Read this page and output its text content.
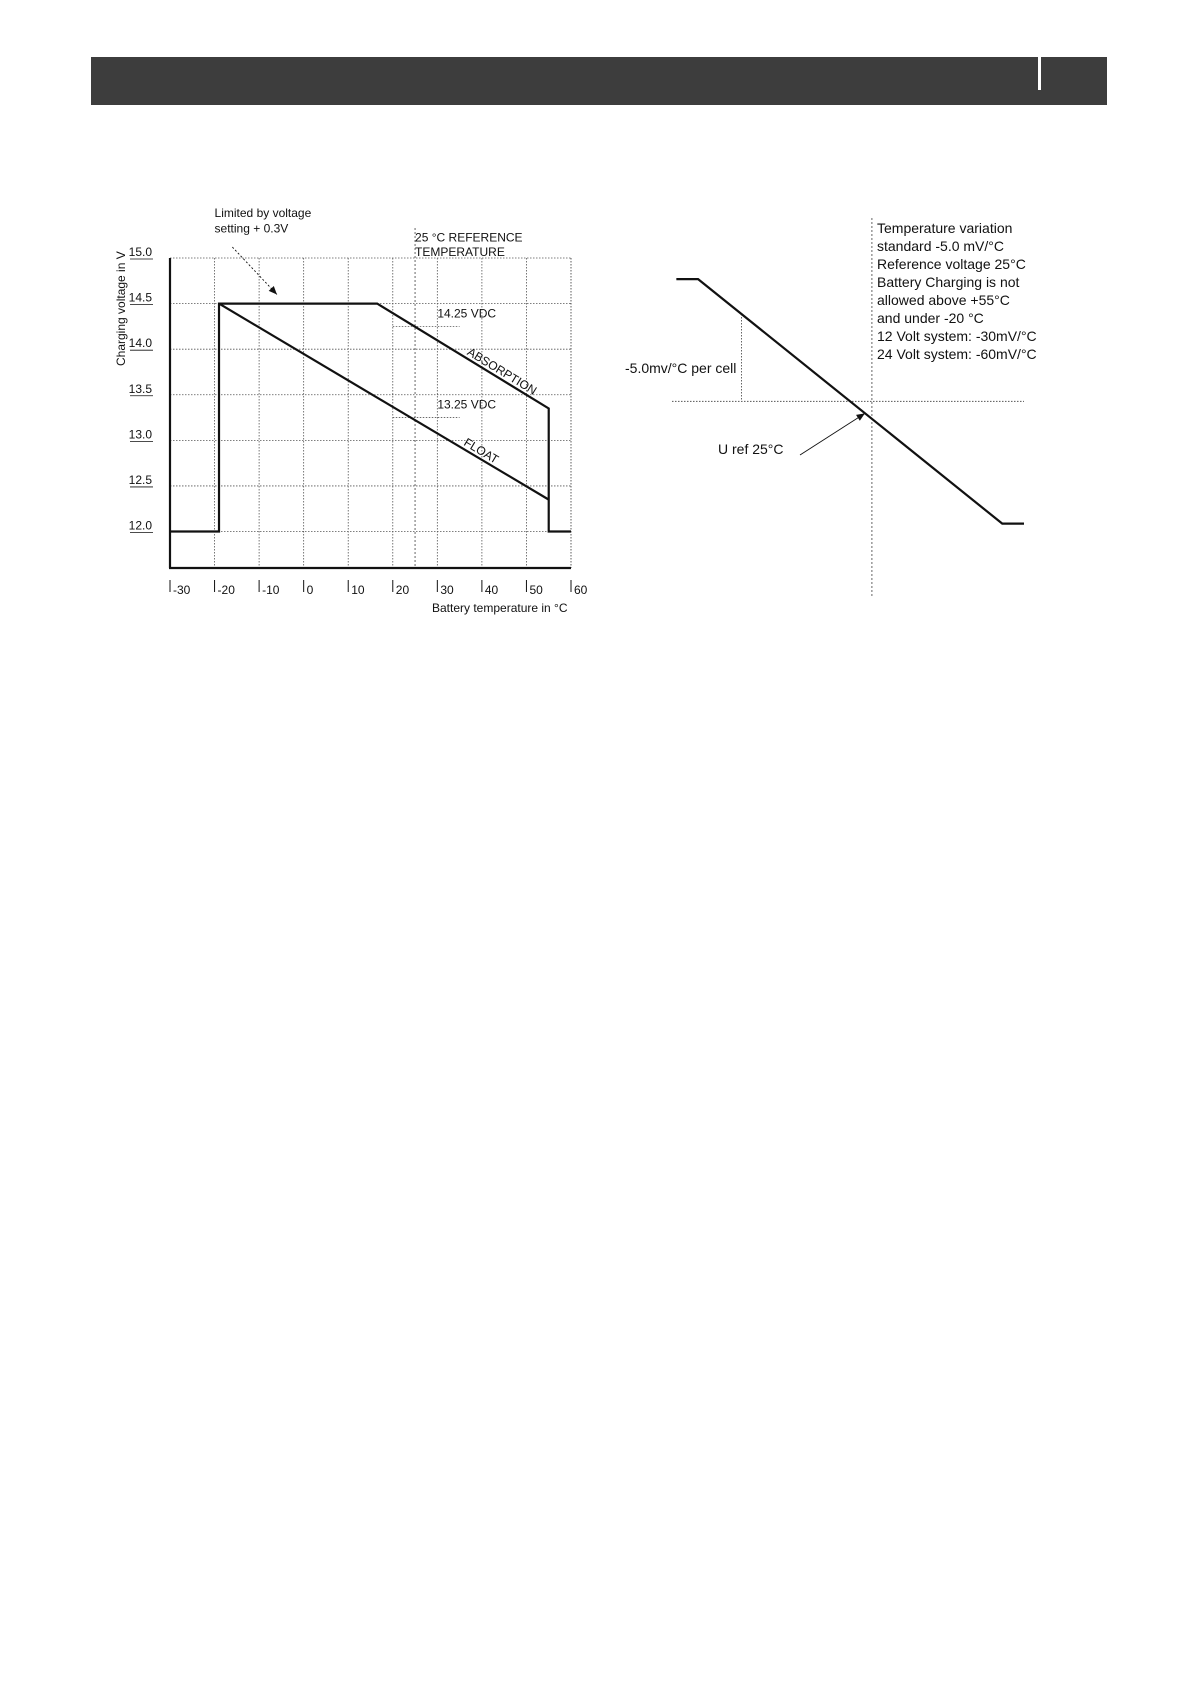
-30 -20 -10 0	10	20	30	40	50	60
12.0
12.5
13.0
13.5
14.0
14.5
15.0
Battery temperature in °C
Charging voltage in V
Limited by voltage
setting + 0.3V
25 °C REFERENCE
TEMPERATURE
14.25 VDC
13.25 VDC
ABSORPTION
FLOAT
Temperature variation
standard -5.0 mV/°C
Reference voltage 25°C
Battery Charging is not
allowed above +55°C
and under -20 °C
12 Volt system: -30mV/°C
24 Volt system: -60mV/°C
-5.0mv/°C per cell
U ref 25°C
